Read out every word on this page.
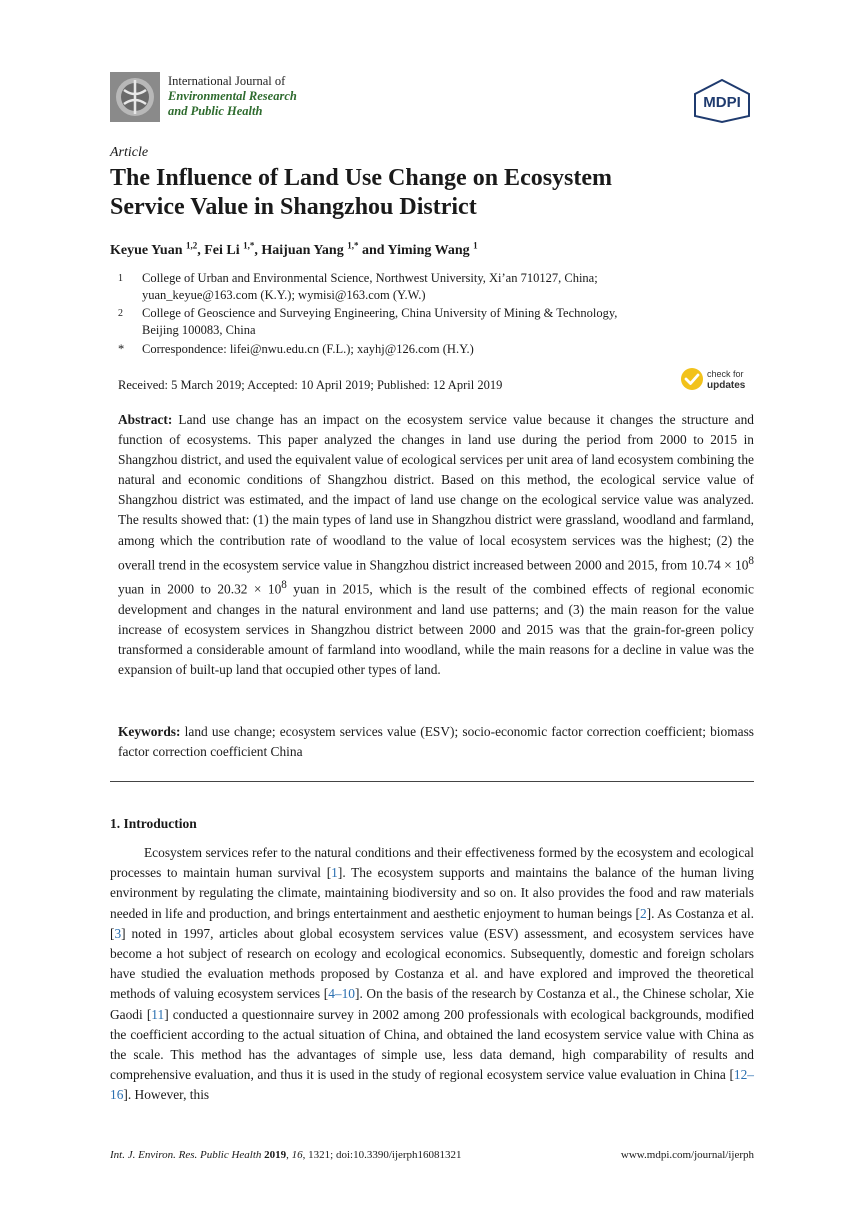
International Journal of
Environmental Research
and Public Health	MDPI
Article
The Influence of Land Use Change on Ecosystem
Service Value in Shangzhou District
Keyue Yuan $^{1,2}$, Fei Li $^{1,*}$, Haijuan Yang $^{1,*}$ and Yiming Wang $^1$
1	College of Urban and Environmental Science, Northwest University, Xi’an 710127, China;
yuan_keyue@163.com (K.Y.); wymisi@163.com (Y.W.)
2	College of Geoscience and Surveying Engineering, China University of Mining & Technology,
Beijing 100083, China
*	Correspondence: lifei@nwu.edu.cn (F.L.); xayhj@126.com (H.Y.)
Received: 5 March 2019; Accepted: 10 April 2019; Published: 12 April 2019
check for
updates
Abstract: Land use change has an impact on the ecosystem service value because it changes the structure and function of ecosystems. This paper analyzed the changes in land use during the period from 2000 to 2015 in Shangzhou district, and used the equivalent value of ecological services per unit area of land ecosystem combining the natural and economic conditions of Shangzhou district. Based on this method, the ecological service value of Shangzhou district was estimated, and the impact of land use change on the ecological service value was analyzed. The results showed that: (1) the main types of land use in Shangzhou district were grassland, woodland and farmland, among which the contribution rate of woodland to the value of local ecosystem services was the highest; (2) the overall trend in the ecosystem service value in Shangzhou district increased between 2000 and 2015, from $10.74 \times 10^8$ yuan in 2000 to $20.32 \times 10^8$ yuan in 2015, which is the result of the combined effects of regional economic development and changes in the natural environment and land use patterns; and (3) the main reason for the value increase of ecosystem services in Shangzhou district between 2000 and 2015 was that the grain-for-green policy transformed a considerable amount of farmland into woodland, while the main reasons for a decline in value was the expansion of built-up land that occupied other types of land.
Keywords: land use change; ecosystem services value (ESV); socio-economic factor correction coefficient; biomass factor correction coefficient China
1. Introduction
Ecosystem services refer to the natural conditions and their effectiveness formed by the ecosystem and ecological processes to maintain human survival [1]. The ecosystem supports and maintains the balance of the human living environment by regulating the climate, maintaining biodiversity and so on. It also provides the food and raw materials needed in life and production, and brings entertainment and aesthetic enjoyment to human beings [2]. As Costanza et al. [3] noted in 1997, articles about global ecosystem services value (ESV) assessment, and ecosystem services have become a hot subject of research on ecology and ecological economics. Subsequently, domestic and foreign scholars have studied the evaluation methods proposed by Costanza et al. and have explored and improved the theoretical methods of valuing ecosystem services [4–10]. On the basis of the research by Costanza et al., the Chinese scholar, Xie Gaodi [11] conducted a questionnaire survey in 2002 among 200 professionals with ecological backgrounds, modified the coefficient according to the actual situation of China, and obtained the land ecosystem service value with China as the scale. This method has the advantages of simple use, less data demand, high comparability of results and comprehensive evaluation, and thus it is used in the study of regional ecosystem service value evaluation in China [12–16]. However, this
Int. J. Environ. Res. Public Health 2019, 16, 1321; doi:10.3390/ijerph16081321	www.mdpi.com/journal/ijerph
